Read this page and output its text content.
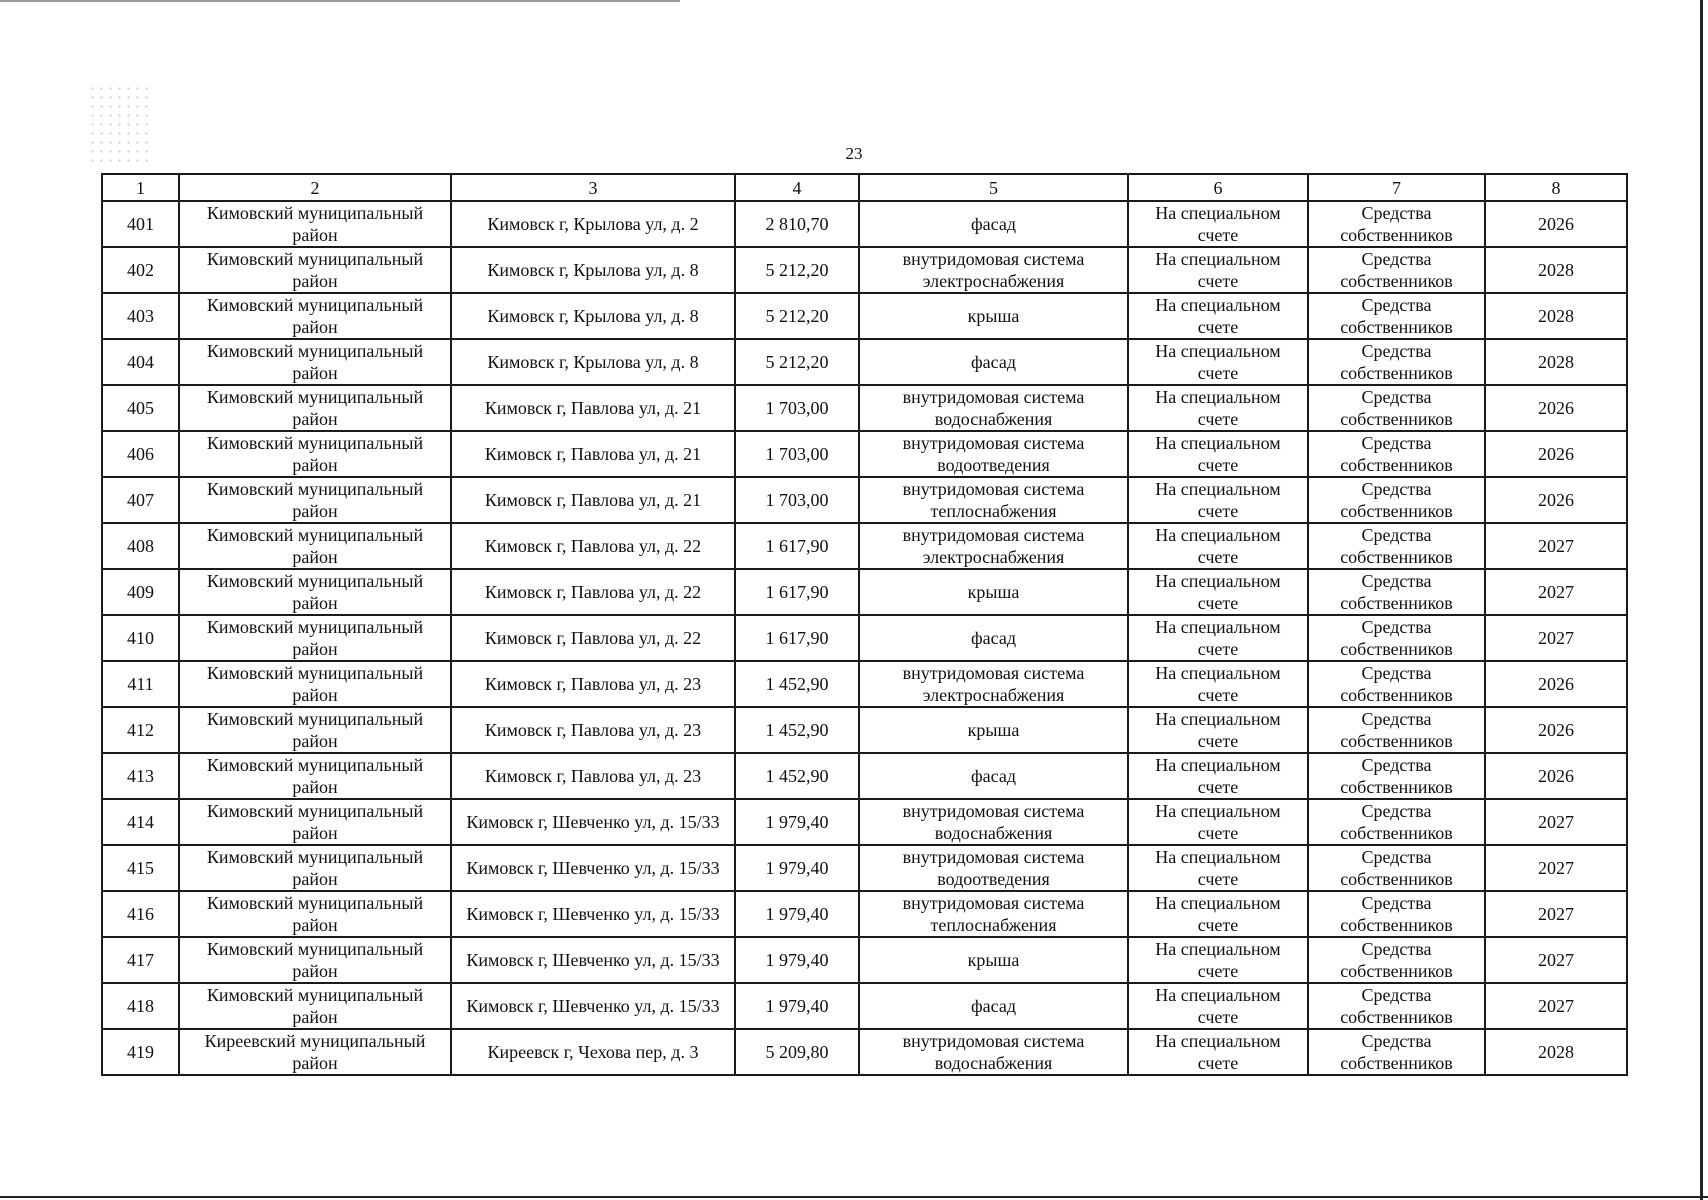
23
1	2	3	4	5	6	7	8
401	Кимовский муниципальный район	Кимовск г, Крылова ул, д. 2	2 810,70	фасад	На специальном счете	Средства собственников	2026
402	Кимовский муниципальный район	Кимовск г, Крылова ул, д. 8	5 212,20	внутридомовая система электроснабжения	На специальном счете	Средства собственников	2028
403	Кимовский муниципальный район	Кимовск г, Крылова ул, д. 8	5 212,20	крыша	На специальном счете	Средства собственников	2028
404	Кимовский муниципальный район	Кимовск г, Крылова ул, д. 8	5 212,20	фасад	На специальном счете	Средства собственников	2028
405	Кимовский муниципальный район	Кимовск г, Павлова ул, д. 21	1 703,00	внутридомовая система водоснабжения	На специальном счете	Средства собственников	2026
406	Кимовский муниципальный район	Кимовск г, Павлова ул, д. 21	1 703,00	внутридомовая система водоотведения	На специальном счете	Средства собственников	2026
407	Кимовский муниципальный район	Кимовск г, Павлова ул, д. 21	1 703,00	внутридомовая система теплоснабжения	На специальном счете	Средства собственников	2026
408	Кимовский муниципальный район	Кимовск г, Павлова ул, д. 22	1 617,90	внутридомовая система электроснабжения	На специальном счете	Средства собственников	2027
409	Кимовский муниципальный район	Кимовск г, Павлова ул, д. 22	1 617,90	крыша	На специальном счете	Средства собственников	2027
410	Кимовский муниципальный район	Кимовск г, Павлова ул, д. 22	1 617,90	фасад	На специальном счете	Средства собственников	2027
411	Кимовский муниципальный район	Кимовск г, Павлова ул, д. 23	1 452,90	внутридомовая система электроснабжения	На специальном счете	Средства собственников	2026
412	Кимовский муниципальный район	Кимовск г, Павлова ул, д. 23	1 452,90	крыша	На специальном счете	Средства собственников	2026
413	Кимовский муниципальный район	Кимовск г, Павлова ул, д. 23	1 452,90	фасад	На специальном счете	Средства собственников	2026
414	Кимовский муниципальный район	Кимовск г, Шевченко ул, д. 15/33	1 979,40	внутридомовая система водоснабжения	На специальном счете	Средства собственников	2027
415	Кимовский муниципальный район	Кимовск г, Шевченко ул, д. 15/33	1 979,40	внутридомовая система водоотведения	На специальном счете	Средства собственников	2027
416	Кимовский муниципальный район	Кимовск г, Шевченко ул, д. 15/33	1 979,40	внутридомовая система теплоснабжения	На специальном счете	Средства собственников	2027
417	Кимовский муниципальный район	Кимовск г, Шевченко ул, д. 15/33	1 979,40	крыша	На специальном счете	Средства собственников	2027
418	Кимовский муниципальный район	Кимовск г, Шевченко ул, д. 15/33	1 979,40	фасад	На специальном счете	Средства собственников	2027
419	Киреевский муниципальный район	Киреевск г, Чехова пер, д. 3	5 209,80	внутридомовая система водоснабжения	На специальном счете	Средства собственников	2028
